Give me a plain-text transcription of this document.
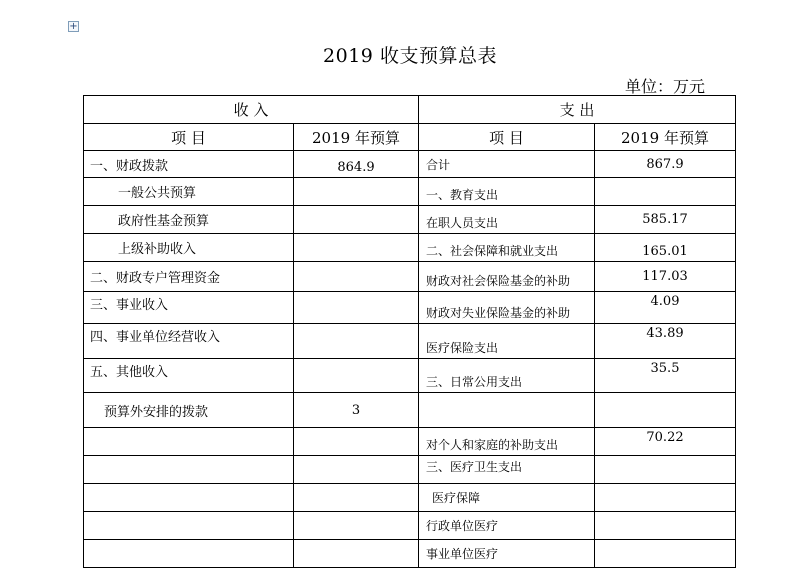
+
2019 收支预算总表
单位：万元
收 入		支 出	
项 目	2019 年预算	项 目	2019 年预算
一、财政拨款	864.9	合计	867.9
一般公共预算		一、教育支出	
政府性基金预算		在职人员支出	585.17
上级补助收入		二、社会保障和就业支出	165.01
二、财政专户管理资金		财政对社会保险基金的补助	117.03
三、事业收入		财政对失业保险基金的补助	4.09
四、事业单位经营收入		医疗保险支出	43.89
五、其他收入		三、日常公用支出	35.5
预算外安排的拨款	3		
		对个人和家庭的补助支出	70.22
		三、医疗卫生支出	
		医疗保障	
		行政单位医疗	
		事业单位医疗	
